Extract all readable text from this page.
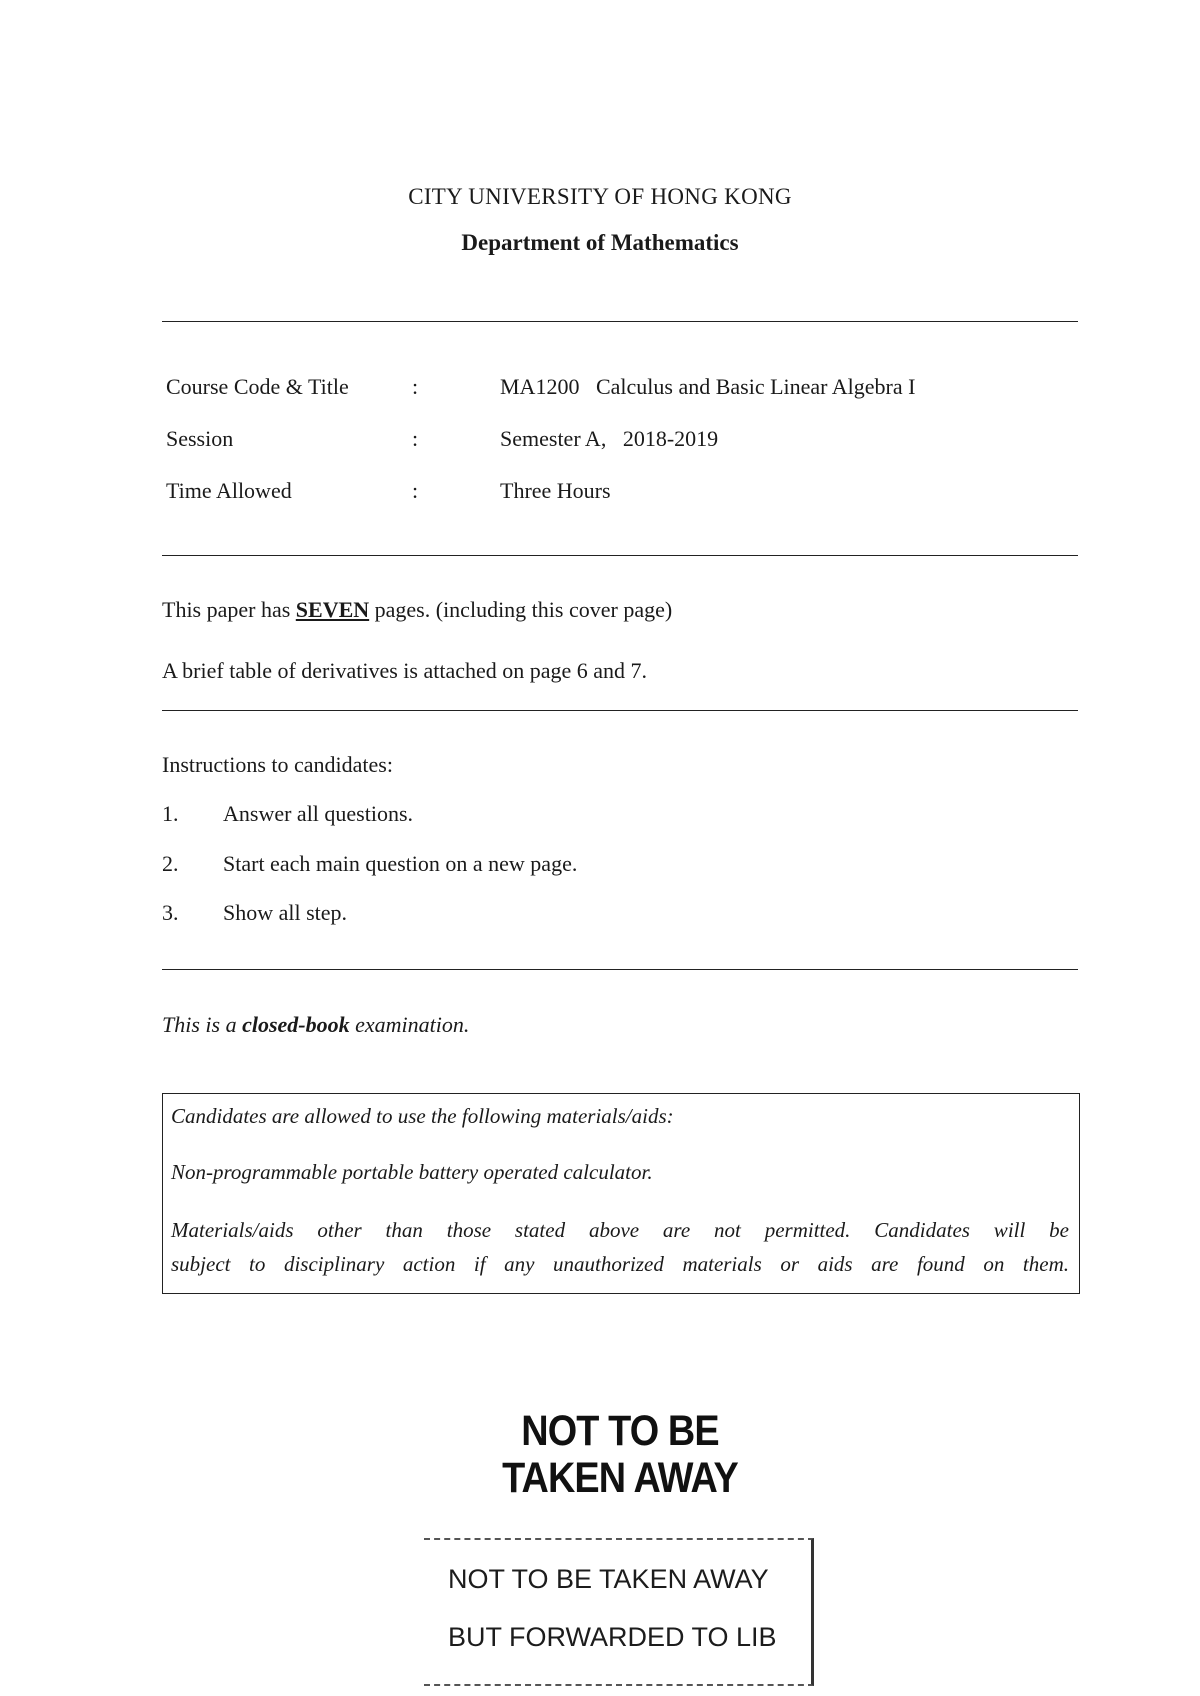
CITY UNIVERSITY OF HONG KONG
Department of Mathematics
Course Code & Title	:	MA1200   Calculus and Basic Linear Algebra I
Session	:	Semester A,   2018-2019
Time Allowed	:	Three Hours
This paper has SEVEN pages. (including this cover page)
A brief table of derivatives is attached on page 6 and 7.
Instructions to candidates:
1. Answer all questions.
2. Start each main question on a new page.
3. Show all step.
This is a closed-book examination.
Candidates are allowed to use the following materials/aids:
Non-programmable portable battery operated calculator.
Materials/aids other than those stated above are not permitted. Candidates will be
subject to disciplinary action if any unauthorized materials or aids are found on them.
NOT TO BE
TAKEN AWAY
NOT TO BE TAKEN AWAY
BUT FORWARDED TO LIB
